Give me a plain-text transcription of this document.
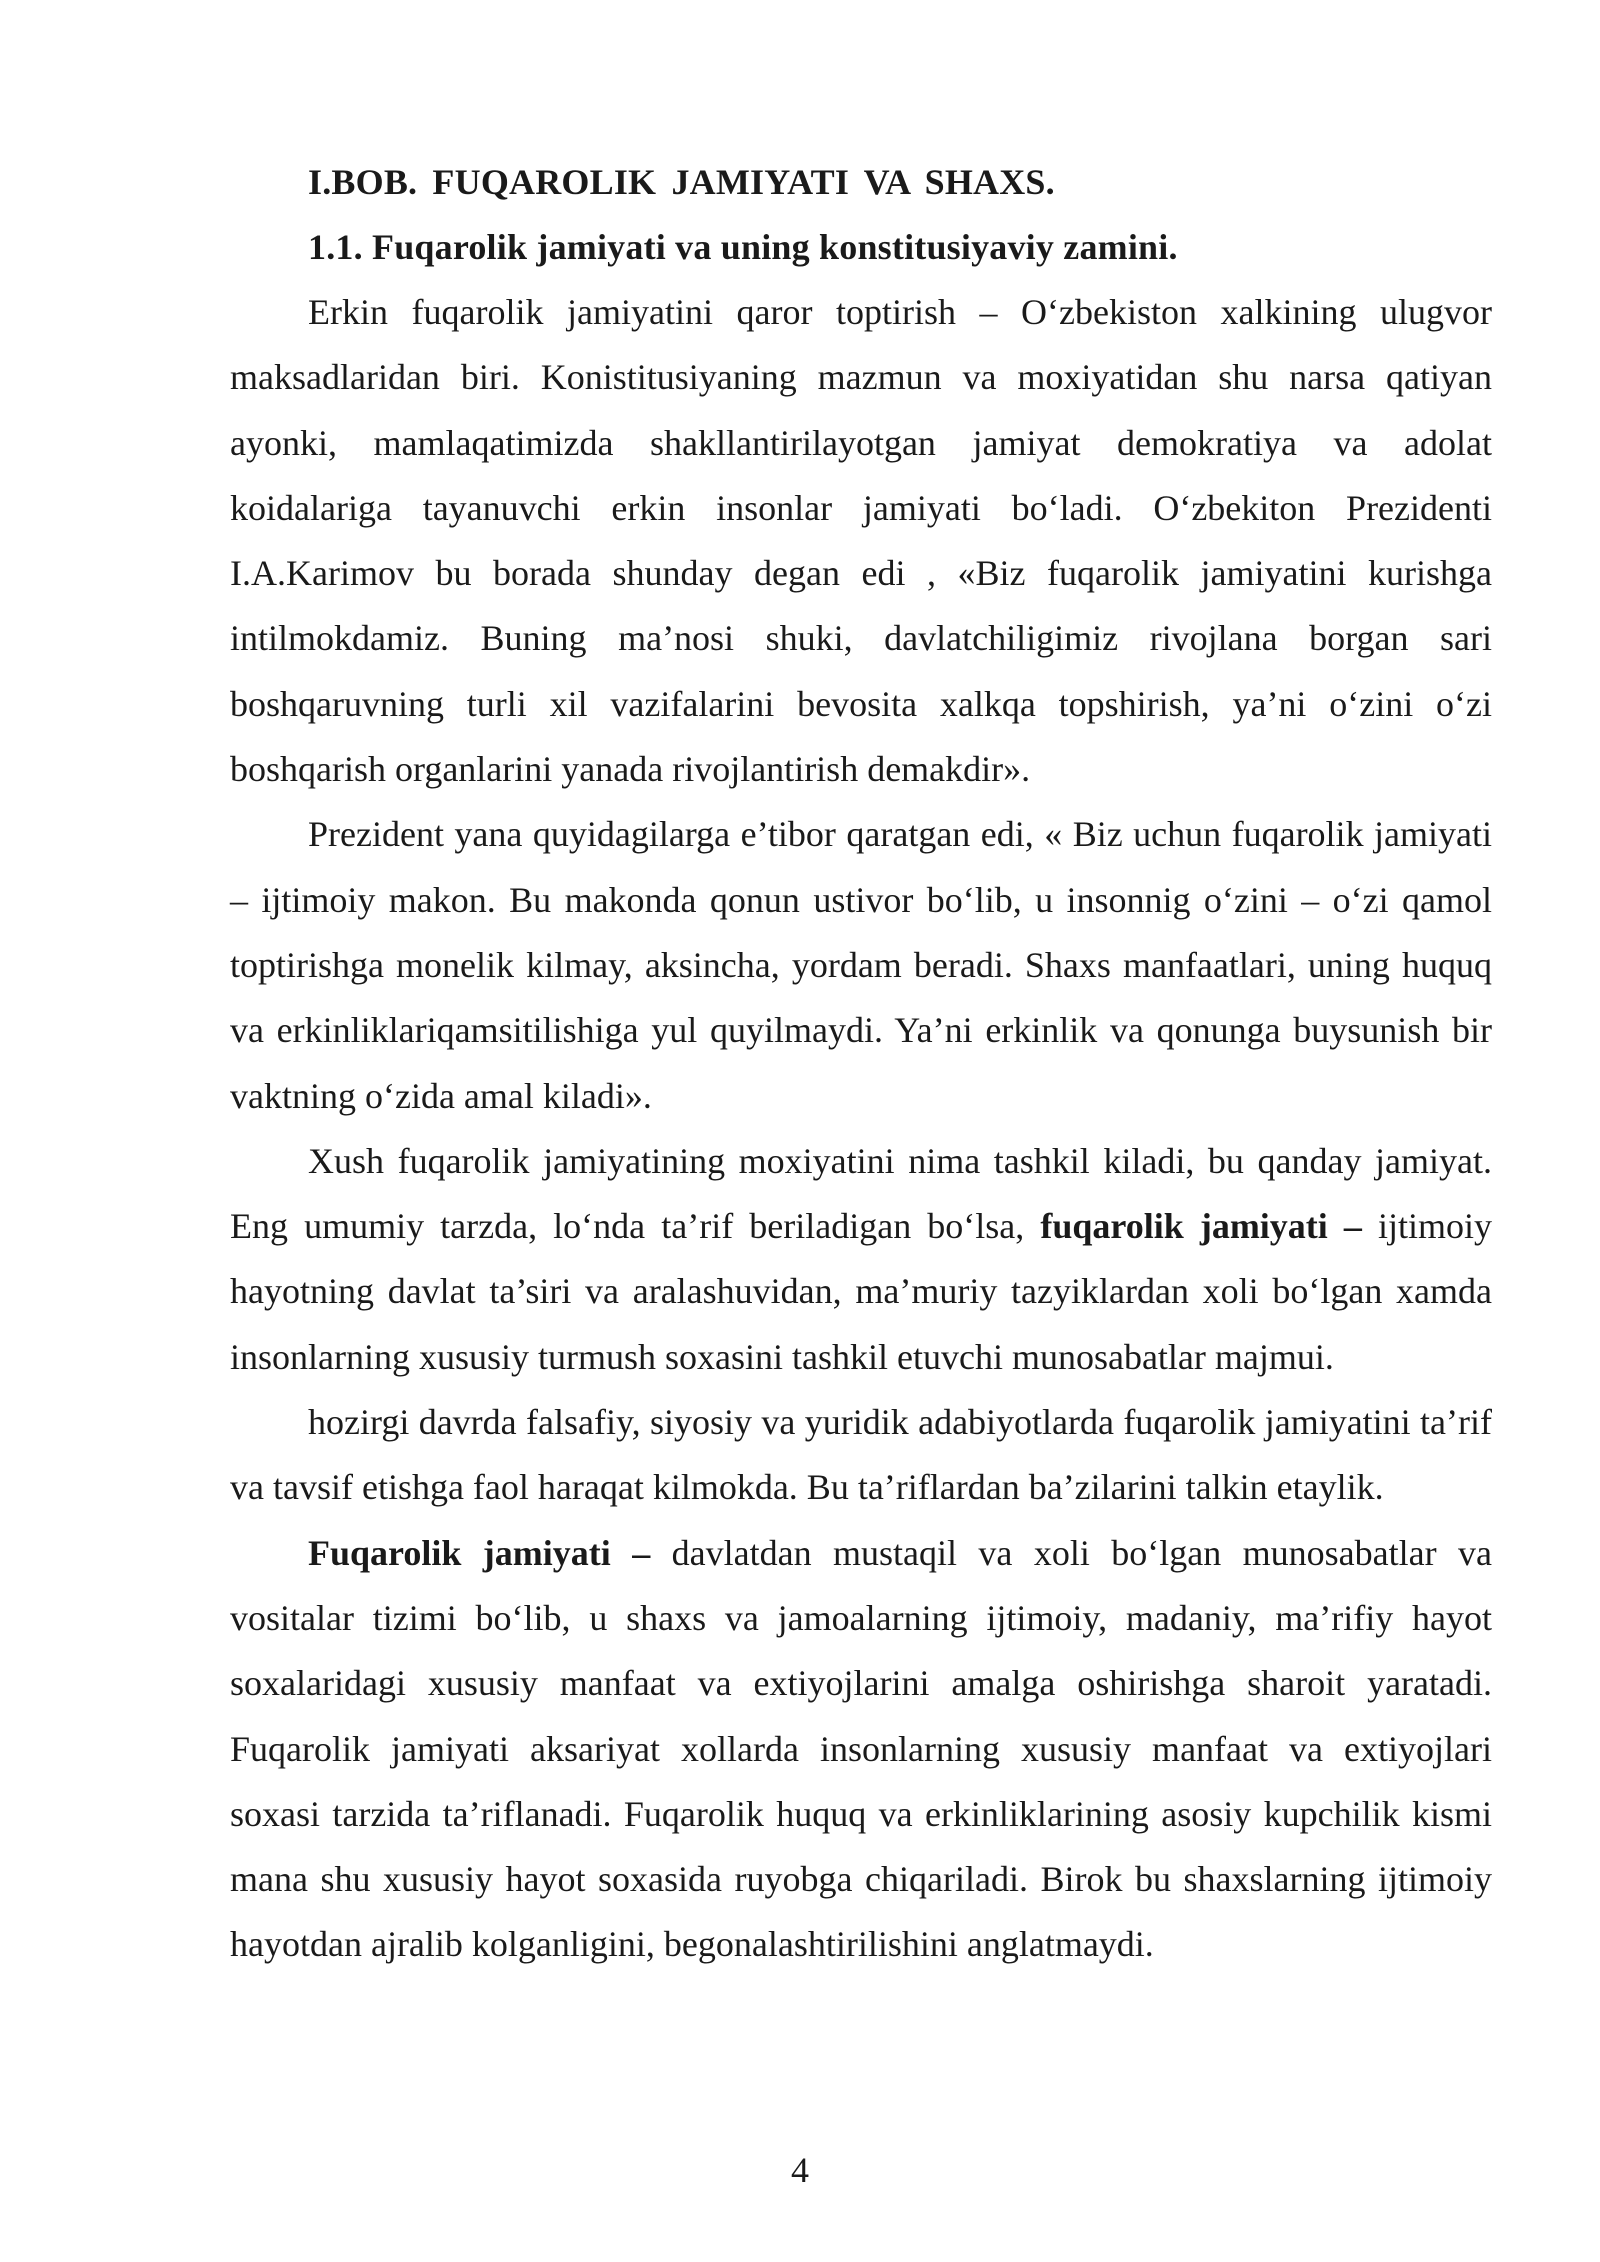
I.BOB. FUQAROLIK JAMIYATI VA SHAXS.

1.1. Fuqarolik jamiyati va uning konstitusiyaviy zamini.

Erkin fuqarolik jamiyatini qaror toptirish – O‘zbekiston xalkining ulugvor maksadlaridan biri. Konistitusiyaning mazmun va moxiyatidan shu narsa qatiyan ayonki, mamlaqatimizda shakllantirilayotgan jamiyat demokratiya va adolat koidalariga tayanuvchi erkin insonlar jamiyati bo‘ladi. O‘zbekiton Prezidenti I.A.Karimov bu borada shunday degan edi , «Biz fuqarolik jamiyatini kurishga intilmokdamiz. Buning ma’nosi shuki, davlatchiligimiz rivojlana borgan sari boshqaruvning turli xil vazifalarini bevosita xalkqa topshirish, ya’ni o‘zini o‘zi boshqarish organlarini yanada rivojlantirish demakdir».

Prezident yana quyidagilarga e’tibor qaratgan edi, « Biz uchun fuqarolik jamiyati – ijtimoiy makon. Bu makonda qonun ustivor bo‘lib, u insonnig o‘zini – o‘zi qamol toptirishga monelik kilmay, aksincha, yordam beradi. Shaxs manfaatlari, uning huquq va erkinliklariqamsitilishiga yul quyilmaydi. Ya’ni erkinlik va qonunga buysunish bir vaktning o‘zida amal kiladi».

Xush fuqarolik jamiyatining moxiyatini nima tashkil kiladi, bu qanday jamiyat. Eng umumiy tarzda, lo‘nda ta’rif beriladigan bo‘lsa, fuqarolik jamiyati – ijtimoiy hayotning davlat ta’siri va aralashuvidan, ma’muriy tazyiklardan xoli bo‘lgan xamda insonlarning xususiy turmush soxasini tashkil etuvchi munosabatlar majmui.

hozirgi davrda falsafiy, siyosiy va yuridik adabiyotlarda fuqarolik jamiyatini ta’rif va tavsif etishga faol haraqat kilmokda. Bu ta’riflardan ba’zilarini talkin etaylik.

Fuqarolik jamiyati – davlatdan mustaqil va xoli bo‘lgan munosabatlar va vositalar tizimi bo‘lib, u shaxs va jamoalarning ijtimoiy, madaniy, ma’rifiy hayot soxalaridagi xususiy manfaat va extiyojlarini amalga oshirishga sharoit yaratadi. Fuqarolik jamiyati aksariyat xollarda insonlarning xususiy manfaat va extiyojlari soxasi tarzida ta’riflanadi. Fuqarolik huquq va erkinliklarining asosiy kupchilik kismi mana shu xususiy hayot soxasida ruyobga chiqariladi. Birok bu shaxslarning ijtimoiy hayotdan ajralib kolganligini, begonalashtirilishini anglatmaydi.

4
